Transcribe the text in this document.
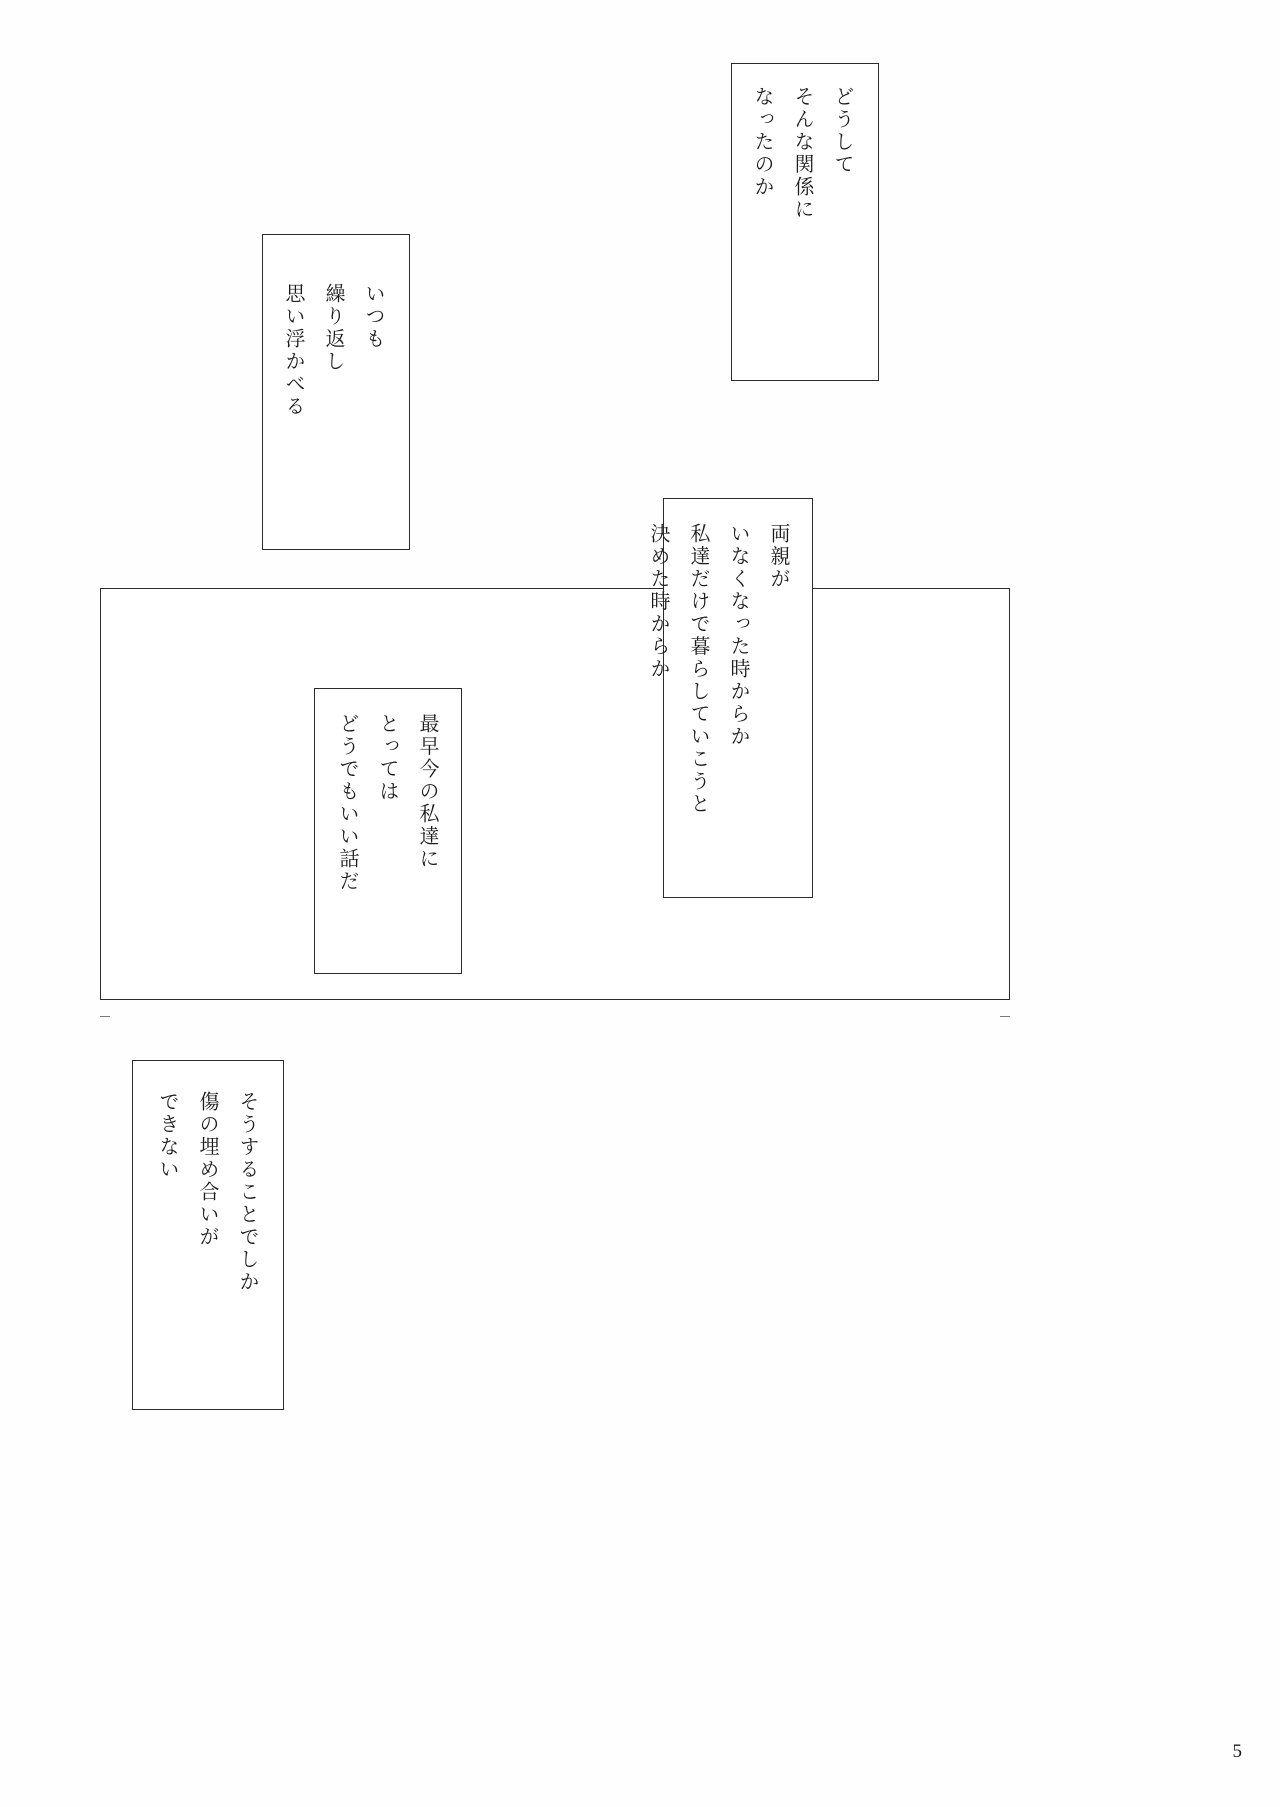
どうして
そんな関係に
なったのか
いつも
繰り返し
思い浮かべる
両親が
いなくなった時からか
私達だけで暮らしていこうと
決めた時からか
最早今の私達に
とっては
どうでもいい話だ
そうすることでしか
傷の埋め合いが
できない
5
